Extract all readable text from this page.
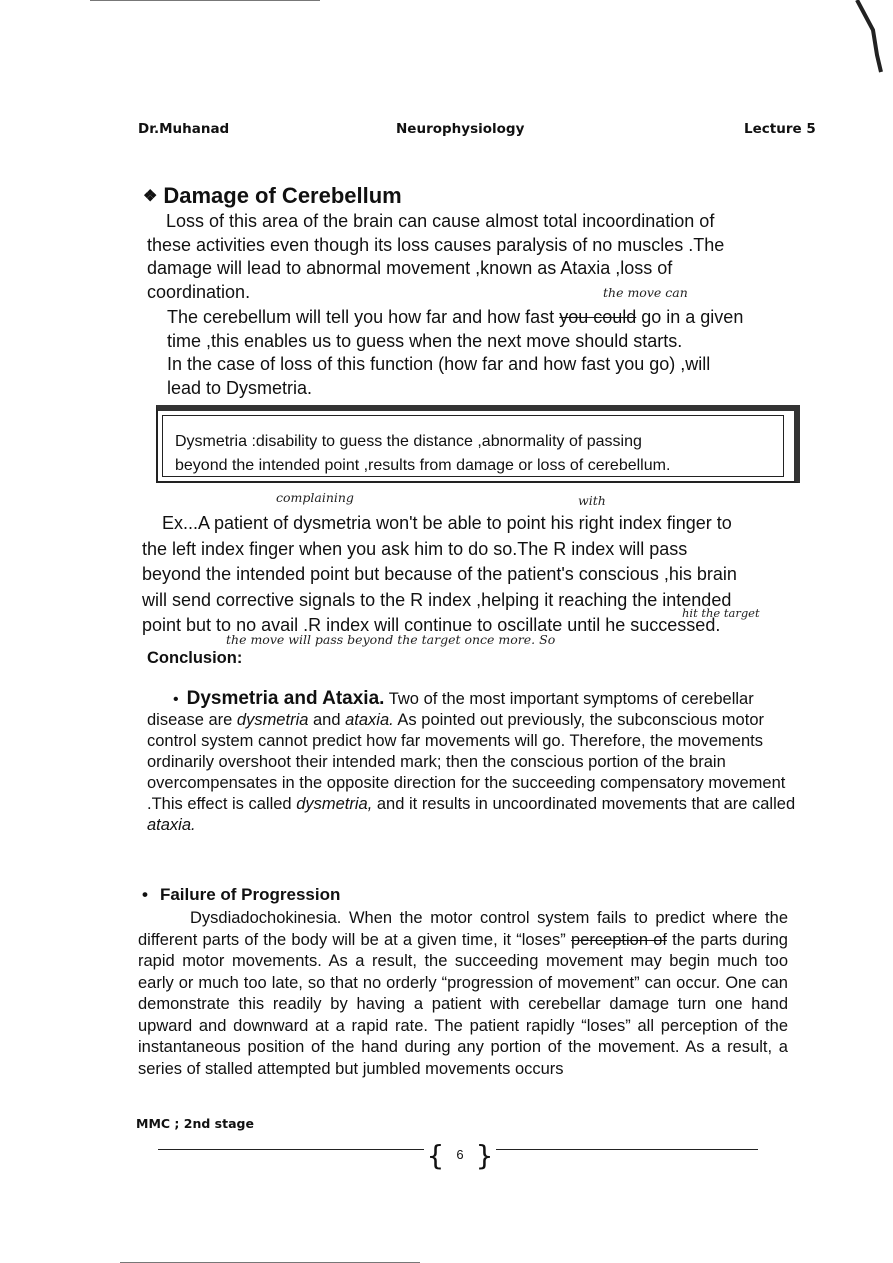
Dr.Muhanad	Neurophysiology	Lecture 5
❖ Damage of Cerebellum
Loss of this area of the brain can cause almost total incoordination of
these activities even though its loss causes paralysis of no muscles .The
damage will lead to abnormal movement ,known as Ataxia ,loss of
coordination.	the move can
The cerebellum will tell you how far and how fast you could go in a given
time ,this enables us to guess when the next move should starts.
In the case of loss of this function (how far and how fast you go) ,will
lead to Dysmetria.
Dysmetria :disability to guess the distance ,abnormality of passing
beyond the intended point ,results from damage or loss of cerebellum.
complaining	with
Ex...A patient of dysmetria won't be able to point his right index finger to
the left index finger when you ask him to do so.The R index will pass
beyond the intended point but because of the patient's conscious ,his brain
will send corrective signals to the R index ,helping it reaching the intended
point but to no avail .R index will continue to oscillate until he successed.
hit the target
the move will pass beyond the target once more. So
Conclusion:
• Dysmetria and Ataxia. Two of the most important symptoms of cerebellar disease are dysmetria and ataxia. As pointed out previously, the subconscious motor control system cannot predict how far movements will go. Therefore, the movements ordinarily overshoot their intended mark; then the conscious portion of the brain overcompensates in the opposite direction for the succeeding compensatory movement .This effect is called dysmetria, and it results in uncoordinated movements that are called ataxia.
• Failure of Progression
Dysdiadochokinesia. When the motor control system fails to predict where the different parts of the body will be at a given time, it “loses” perception of the parts during rapid motor movements. As a result, the succeeding movement may begin much too early or much too late, so that no orderly “progression of movement” can occur. One can demonstrate this readily by having a patient with cerebellar damage turn one hand upward and downward at a rapid rate. The patient rapidly “loses” all perception of the instantaneous position of the hand during any portion of the movement. As a result, a series of stalled attempted but jumbled movements occurs
MMC ; 2nd stage
{ 6 }
